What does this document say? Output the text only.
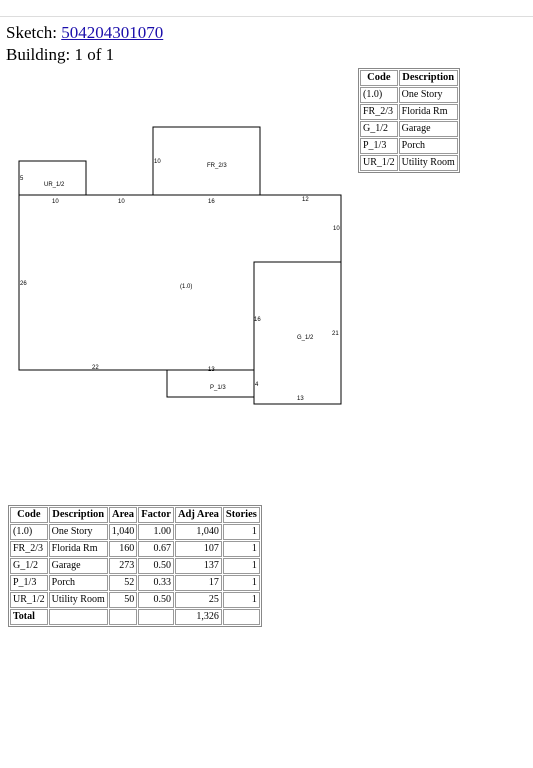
Sketch: 504204301070
Building: 1 of 1
Code	Description
(1.0)	One Story
FR_2/3	Florida Rm
G_1/2	Garage
P_1/3	Porch
UR_1/2	Utility Room
UR_1/2
FR_2/3
(1.0)
G_1/2
P_1/3
5
10	10
10
16	12
10
26
22
16
21
13
13
4
Code	Description	Area	Factor	Adj Area	Stories
(1.0)	One Story	1,040	1.00	1,040	1
FR_2/3	Florida Rm	160	0.67	107	1
G_1/2	Garage	273	0.50	137	1
P_1/3	Porch	52	0.33	17	1
UR_1/2	Utility Room	50	0.50	25	1
Total				1,326	
